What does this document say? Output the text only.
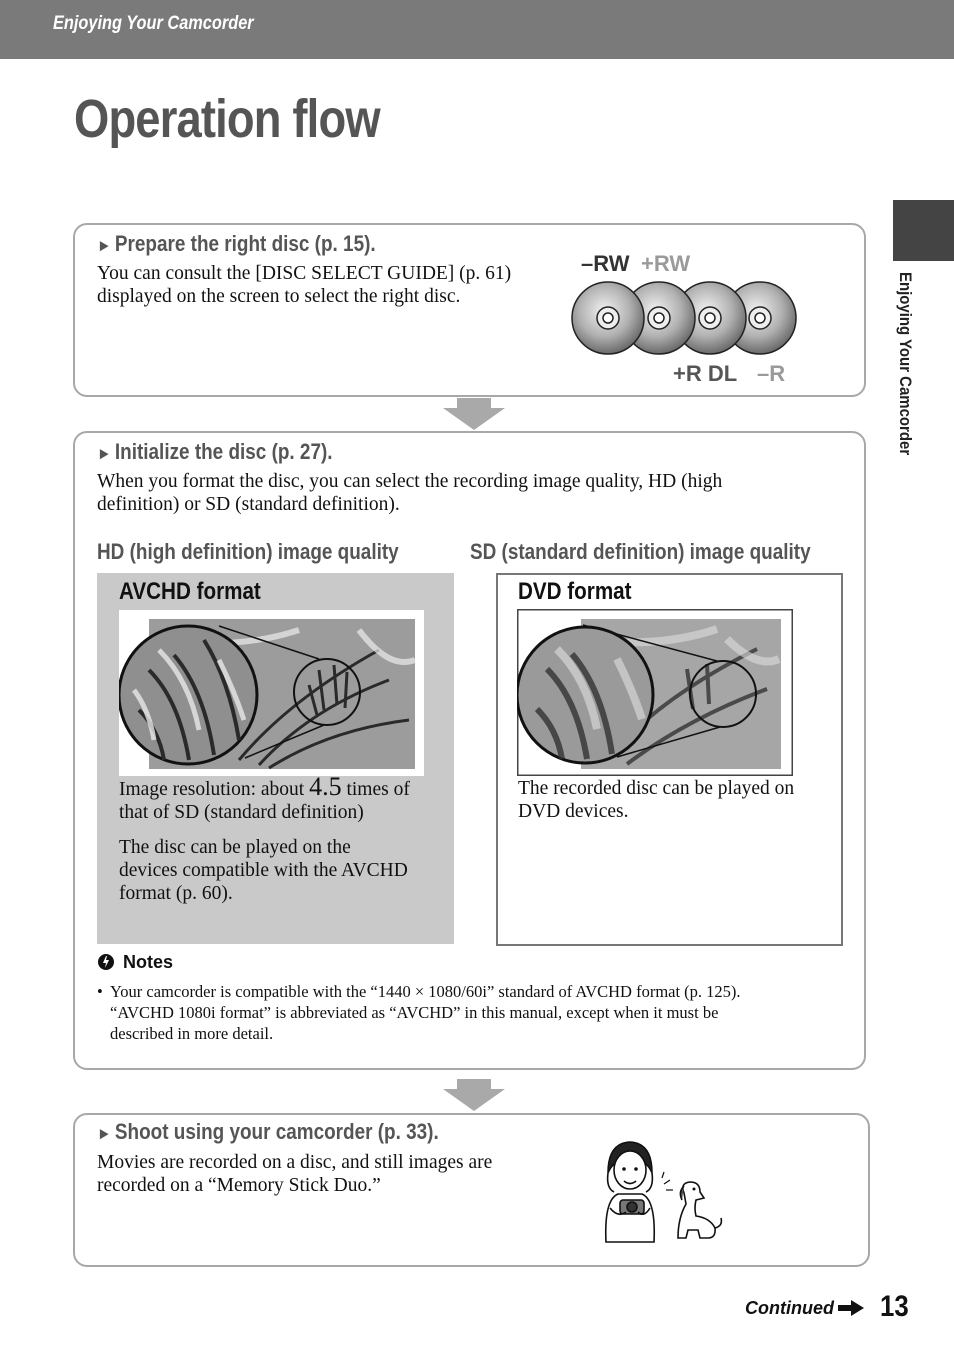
Enjoying Your Camcorder
Operation flow
Enjoying Your Camcorder
► Prepare the right disc (p. 15).
You can consult the [DISC SELECT GUIDE] (p. 61)
displayed on the screen to select the right disc.
–RW +RW
+R DL –R
► Initialize the disc (p. 27).
When you format the disc, you can select the recording image quality, HD (high
definition) or SD (standard definition).
HD (high definition) image quality	SD (standard definition) image quality
AVCHD format
Image resolution: about 4.5 times of
that of SD (standard definition)
The disc can be played on the
devices compatible with the AVCHD
format (p. 60).
DVD format
The recorded disc can be played on
DVD devices.
Notes
• Your camcorder is compatible with the “1440 × 1080/60i” standard of AVCHD format (p. 125).
“AVCHD 1080i format” is abbreviated as “AVCHD” in this manual, except when it must be
described in more detail.
► Shoot using your camcorder (p. 33).
Movies are recorded on a disc, and still images are
recorded on a “Memory Stick Duo.”
Continued 13
